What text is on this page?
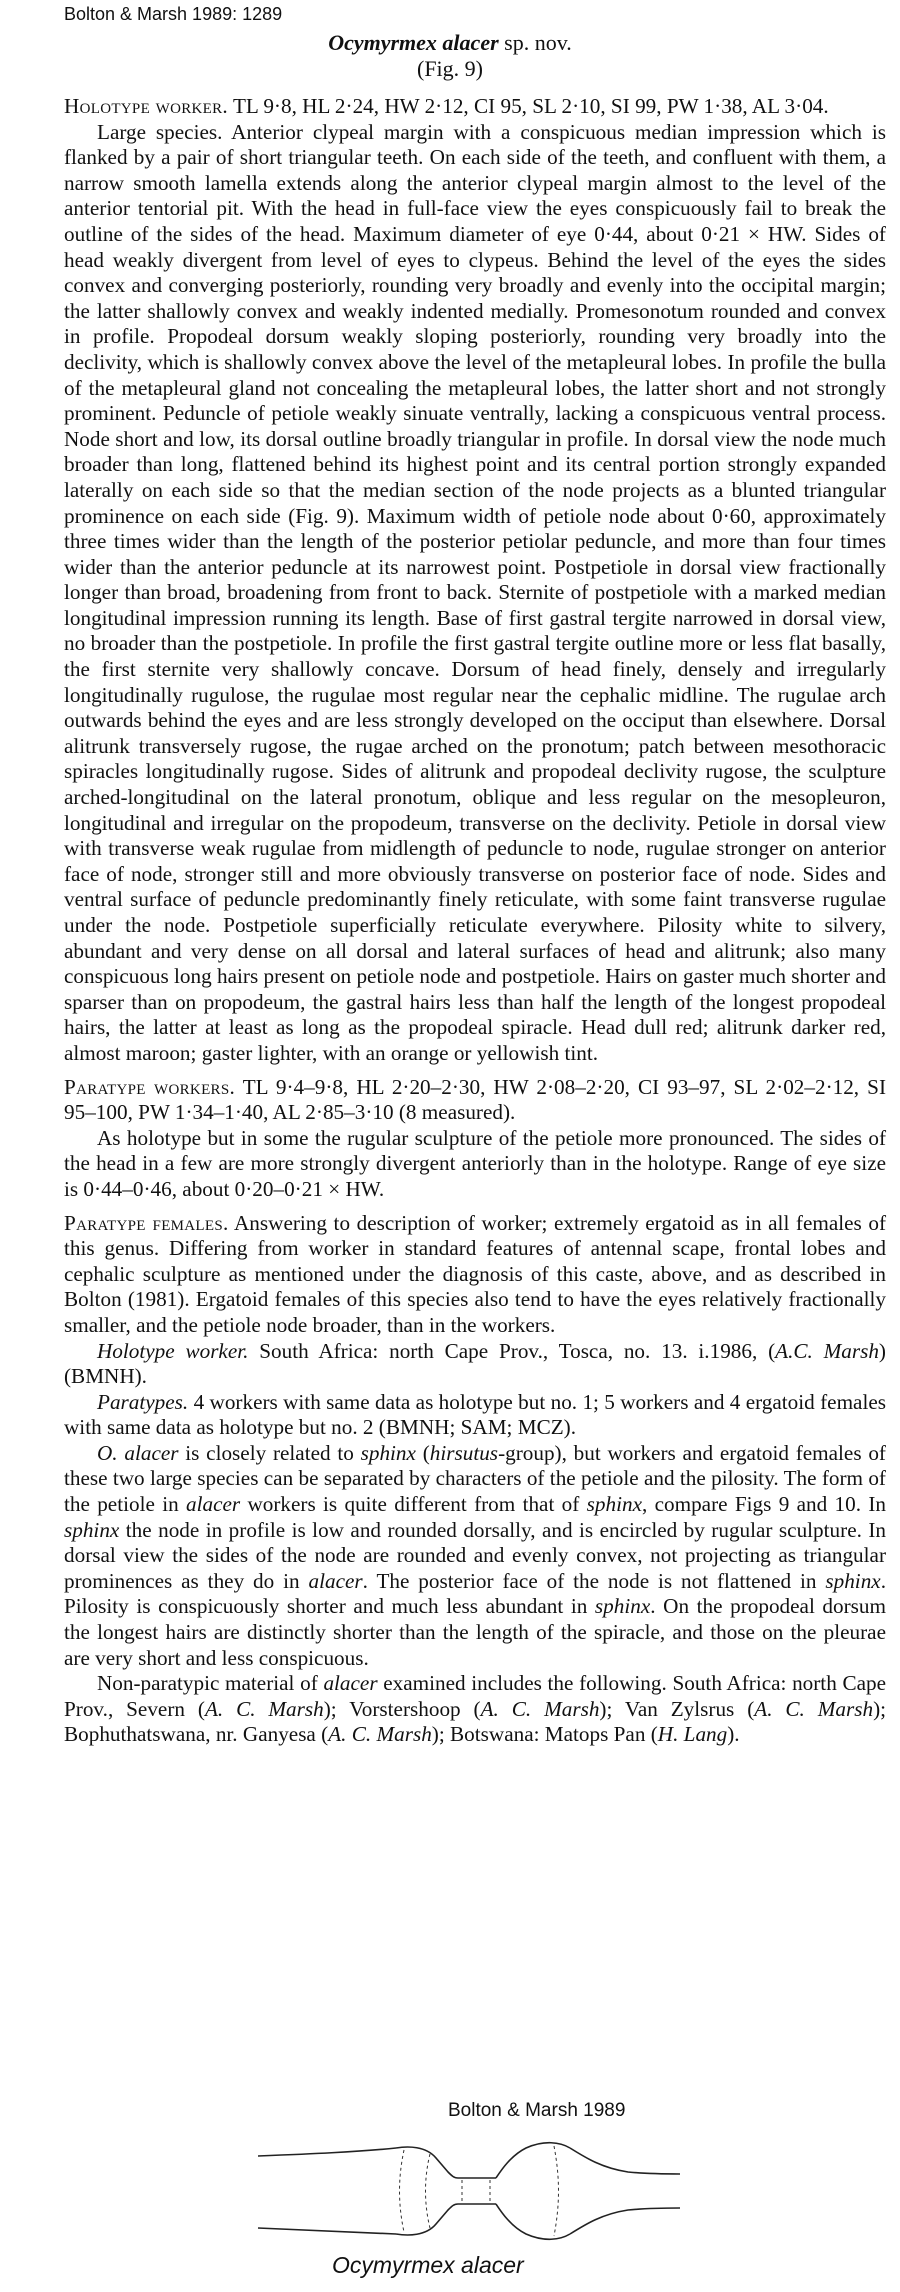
Bolton & Marsh 1989: 1289
Ocymyrmex alacer sp. nov.
(Fig. 9)

Holotype worker. TL 9·8, HL 2·24, HW 2·12, CI 95, SL 2·10, SI 99, PW 1·38, AL 3·04.

Large species. Anterior clypeal margin with a conspicuous median impression which is flanked by a pair of short triangular teeth. On each side of the teeth, and confluent with them, a narrow smooth lamella extends along the anterior clypeal margin almost to the level of the anterior tentorial pit. With the head in full-face view the eyes conspicuously fail to break the outline of the sides of the head. Maximum diameter of eye 0·44, about 0·21 × HW. Sides of head weakly divergent from level of eyes to clypeus. Behind the level of the eyes the sides convex and converging posteriorly, rounding very broadly and evenly into the occipital margin; the latter shallowly convex and weakly indented medially. Promesonotum rounded and convex in profile. Propodeal dorsum weakly sloping posteriorly, rounding very broadly into the declivity, which is shallowly convex above the level of the metapleural lobes. In profile the bulla of the metapleural gland not concealing the metapleural lobes, the latter short and not strongly prominent. Peduncle of petiole weakly sinuate ventrally, lacking a conspicuous ventral process. Node short and low, its dorsal outline broadly triangular in profile. In dorsal view the node much broader than long, flattened behind its highest point and its central portion strongly expanded laterally on each side so that the median section of the node projects as a blunted triangular prominence on each side (Fig. 9). Maximum width of petiole node about 0·60, approximately three times wider than the length of the posterior petiolar peduncle, and more than four times wider than the anterior peduncle at its narrowest point. Postpetiole in dorsal view fractionally longer than broad, broadening from front to back. Sternite of postpetiole with a marked median longitudinal impression running its length. Base of first gastral tergite narrowed in dorsal view, no broader than the postpetiole. In profile the first gastral tergite outline more or less flat basally, the first sternite very shallowly concave. Dorsum of head finely, densely and irregularly longitudinally rugulose, the rugulae most regular near the cephalic midline. The rugulae arch outwards behind the eyes and are less strongly developed on the occiput than elsewhere. Dorsal alitrunk transversely rugose, the rugae arched on the pronotum; patch between mesothoracic spiracles longitudinally rugose. Sides of alitrunk and propodeal declivity rugose, the sculpture arched-longitudinal on the lateral pronotum, oblique and less regular on the mesopleuron, longitudinal and irregular on the propodeum, transverse on the declivity. Petiole in dorsal view with transverse weak rugulae from midlength of peduncle to node, rugulae stronger on anterior face of node, stronger still and more obviously transverse on posterior face of node. Sides and ventral surface of peduncle predominantly finely reticulate, with some faint transverse rugulae under the node. Postpetiole superficially reticulate everywhere. Pilosity white to silvery, abundant and very dense on all dorsal and lateral surfaces of head and alitrunk; also many conspicuous long hairs present on petiole node and postpetiole. Hairs on gaster much shorter and sparser than on propodeum, the gastral hairs less than half the length of the longest propodeal hairs, the latter at least as long as the propodeal spiracle. Head dull red; alitrunk darker red, almost maroon; gaster lighter, with an orange or yellowish tint.

Paratype workers. TL 9·4–9·8, HL 2·20–2·30, HW 2·08–2·20, CI 93–97, SL 2·02–2·12, SI 95–100, PW 1·34–1·40, AL 2·85–3·10 (8 measured).

As holotype but in some the rugular sculpture of the petiole more pronounced. The sides of the head in a few are more strongly divergent anteriorly than in the holotype. Range of eye size is 0·44–0·46, about 0·20–0·21 × HW.

Paratype females. Answering to description of worker; extremely ergatoid as in all females of this genus. Differing from worker in standard features of antennal scape, frontal lobes and cephalic sculpture as mentioned under the diagnosis of this caste, above, and as described in Bolton (1981). Ergatoid females of this species also tend to have the eyes relatively fractionally smaller, and the petiole node broader, than in the workers.

Holotype worker. South Africa: north Cape Prov., Tosca, no. 13. i.1986, (A.C. Marsh) (BMNH).

Paratypes. 4 workers with same data as holotype but no. 1; 5 workers and 4 ergatoid females with same data as holotype but no. 2 (BMNH; SAM; MCZ).

O. alacer is closely related to sphinx (hirsutus-group), but workers and ergatoid females of these two large species can be separated by characters of the petiole and the pilosity. The form of the petiole in alacer workers is quite different from that of sphinx, compare Figs 9 and 10. In sphinx the node in profile is low and rounded dorsally, and is encircled by rugular sculpture. In dorsal view the sides of the node are rounded and evenly convex, not projecting as triangular prominences as they do in alacer. The posterior face of the node is not flattened in sphinx. Pilosity is conspicuously shorter and much less abundant in sphinx. On the propodeal dorsum the longest hairs are distinctly shorter than the length of the spiracle, and those on the pleurae are very short and less conspicuous.

Non-paratypic material of alacer examined includes the following. South Africa: north Cape Prov., Severn (A. C. Marsh); Vorstershoop (A. C. Marsh); Van Zylsrus (A. C. Marsh); Bophuthatswana, nr. Ganyesa (A. C. Marsh); Botswana: Matops Pan (H. Lang).

Bolton & Marsh 1989
Ocymyrmex alacer
